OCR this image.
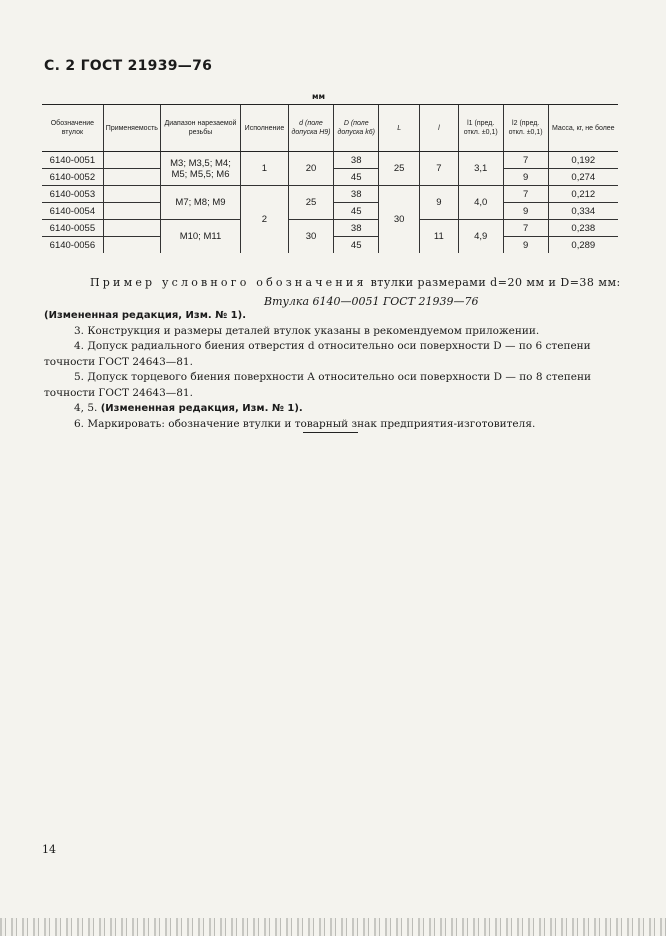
С. 2 ГОСТ 21939—76
мм
Обозначение втулок	Применяемость	Диапазон нарезаемой резьбы	Исполнение	d (поле допуска H9)	D (поле допуска k6)	L	l	l1 (пред. откл. ±0,1)	l2 (пред. откл. ±0,1)	Масса, кг, не более
6140-0051		М3; М3,5; М4; М5; М5,5; М6	1	20	38	25	7	3,1	7	0,192
6140-0052					45				9	0,274
6140-0053		М7; М8; М9	2	25	38	30	9	4,0	7	0,212
6140-0054					45				9	0,334
6140-0055		М10; М11		30	38		11	4,9	7	0,238
6140-0056					45				9	0,289
Пример условного обозначения втулки размерами d=20 мм и D=38 мм:
Втулка 6140—0051 ГОСТ 21939—76

(Измененная редакция, Изм. № 1).

3. Конструкция и размеры деталей втулок указаны в рекомендуемом приложении.

4. Допуск радиального биения отверстия d относительно оси поверхности D — по 6 степени точности ГОСТ 24643—81.

5. Допуск торцевого биения поверхности A относительно оси поверхности D — по 8 степени точности ГОСТ 24643—81.

4, 5. (Измененная редакция, Изм. № 1).

6. Маркировать: обозначение втулки и товарный знак предприятия-изготовителя.

14
